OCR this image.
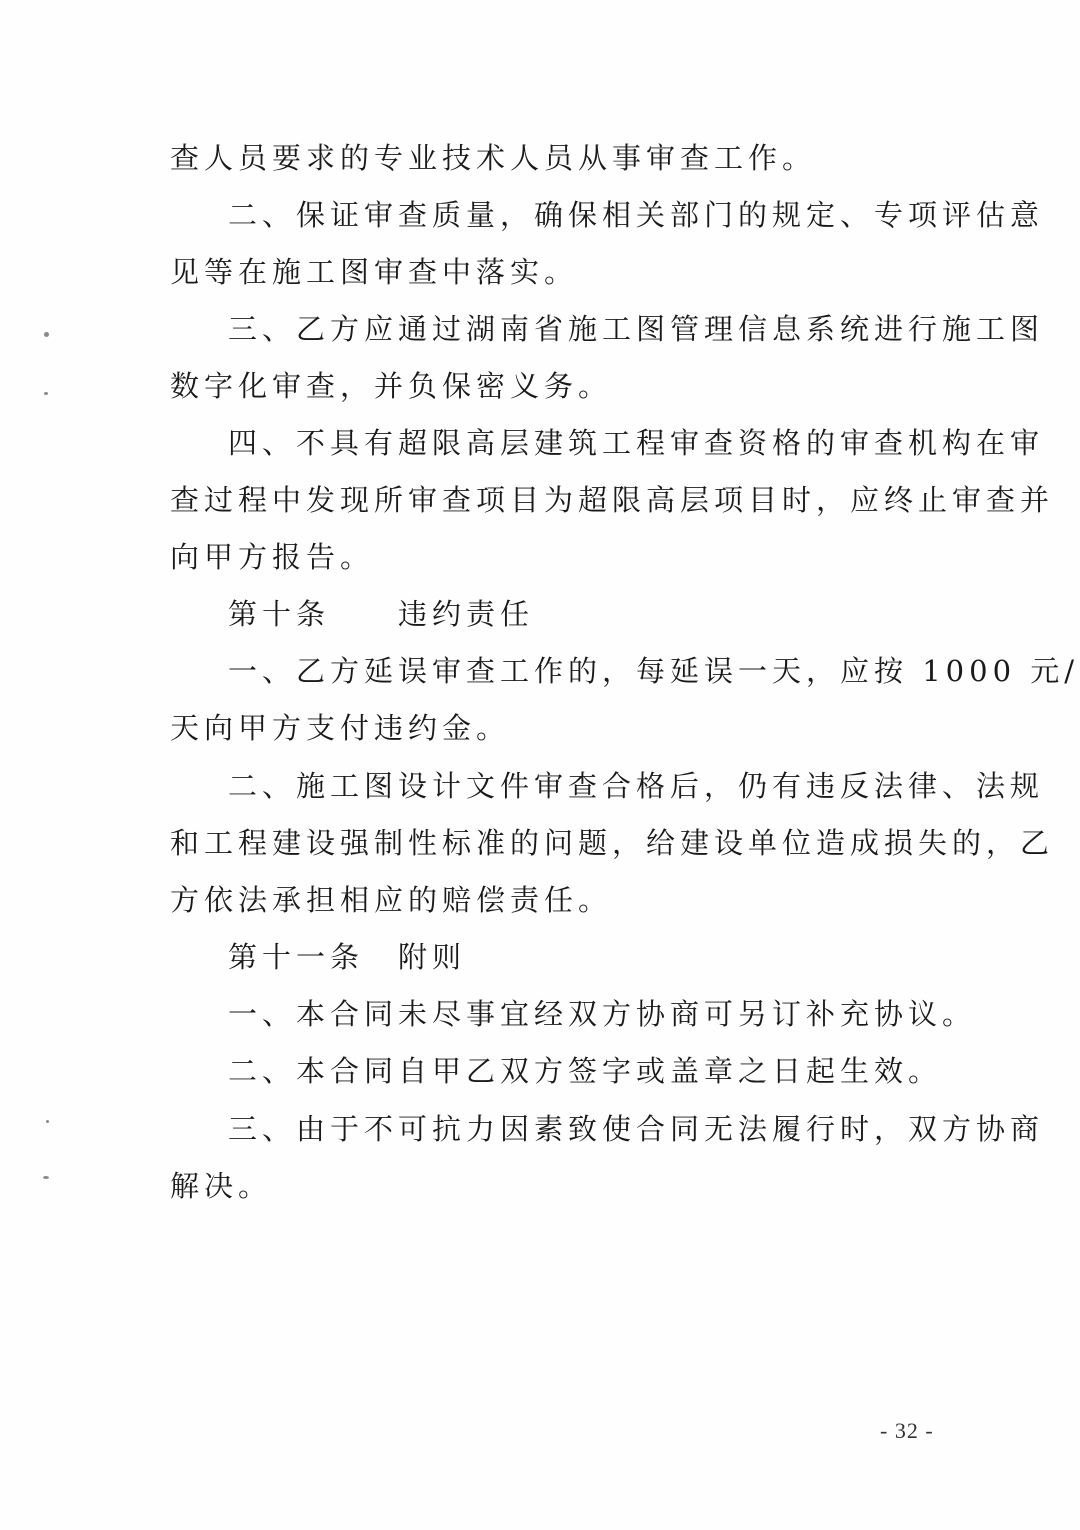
查人员要求的专业技术人员从事审查工作。
二、保证审查质量，确保相关部门的规定、专项评估意
见等在施工图审查中落实。
三、乙方应通过湖南省施工图管理信息系统进行施工图
数字化审查，并负保密义务。
四、不具有超限高层建筑工程审查资格的审查机构在审
查过程中发现所审查项目为超限高层项目时，应终止审查并
向甲方报告。
第十条　　违约责任
一、乙方延误审查工作的，每延误一天，应按 1000 元/
天向甲方支付违约金。
二、施工图设计文件审查合格后，仍有违反法律、法规
和工程建设强制性标准的问题，给建设单位造成损失的，乙
方依法承担相应的赔偿责任。
第十一条　附则
一、本合同未尽事宜经双方协商可另订补充协议。
二、本合同自甲乙双方签字或盖章之日起生效。
三、由于不可抗力因素致使合同无法履行时，双方协商
解决。
- 32 -
